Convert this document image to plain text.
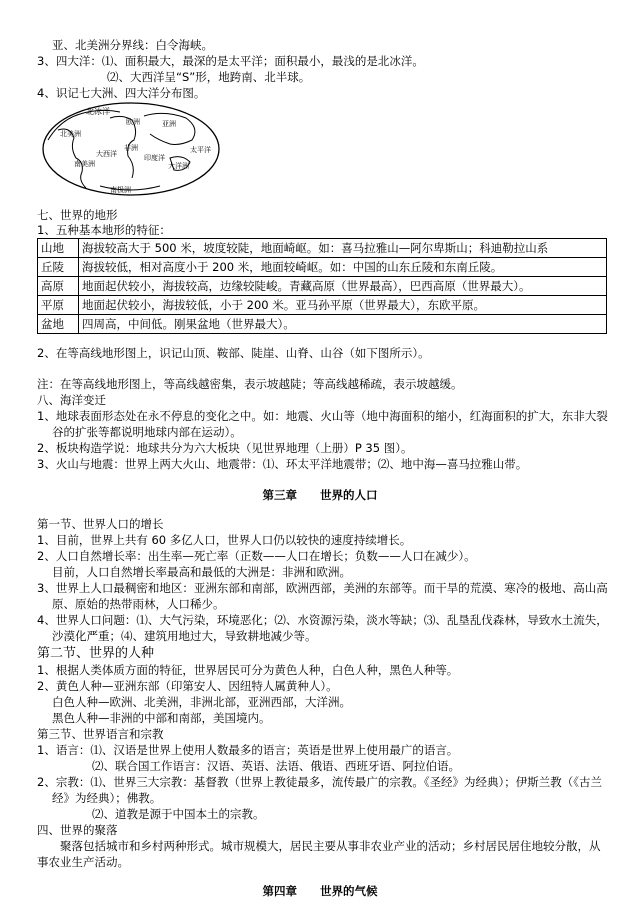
亚、北美洲分界线：白令海峡。
3、四大洋：⑴、面积最大，最深的是太平洋；面积最小，最浅的是北冰洋。
⑵、大西洋呈“S”形，地跨南、北半球。
4、识记七大洲、四大洋分布图。
北冰洋
亚洲
欧洲
北美洲
非洲	太平洋
大西洋	印度洋
大洋洲
南美洲
南极洲
七、世界的地形
1、五种基本地形的特征：
山地	海拔较高大于 500 米，坡度较陡，地面崎岖。如：喜马拉雅山—阿尔卑斯山；科迪勒拉山系
丘陵	海拔较低，相对高度小于 200 米，地面较崎岖。如：中国的山东丘陵和东南丘陵。
高原	地面起伏较小，海拔较高，边缘较陡峻。青藏高原（世界最高），巴西高原（世界最大）。
平原	地面起伏较小，海拔较低，小于 200 米。亚马孙平原（世界最大），东欧平原。
盆地	四周高，中间低。刚果盆地（世界最大）。
2、在等高线地形图上，识记山顶、鞍部、陡崖、山脊、山谷（如下图所示）。
注：在等高线地形图上，等高线越密集，表示坡越陡；等高线越稀疏，表示坡越缓。
八、海洋变迁
1、地球表面形态处在永不停息的变化之中。如：地震、火山等（地中海面积的缩小，红海面积的扩大，东非大裂
谷的扩张等都说明地球内部在运动）。
2、板块构造学说：地球共分为六大板块（见世界地理（上册）P 35 图）。
3、火山与地震：世界上两大火山、地震带：⑴、环太平洋地震带；⑵、地中海—喜马拉雅山带。
第三章　　世界的人口
第一节、世界人口的增长
1、目前，世界上共有 60 多亿人口，世界人口仍以较快的速度持续增长。
2、人口自然增长率：出生率—死亡率（正数——人口在增长；负数——人口在减少）。
目前，人口自然增长率最高和最低的大洲是：非洲和欧洲。
3、世界上人口最稠密和地区：亚洲东部和南部，欧洲西部，美洲的东部等。而干旱的荒漠、寒冷的极地、高山高
原、原始的热带雨林，人口稀少。
4、世界人口问题：⑴、大气污染，环境恶化；⑵、水资源污染，淡水等缺；⑶、乱垦乱伐森林，导致水土流失，
沙漠化严重；⑷、建筑用地过大，导致耕地减少等。
第二节、世界的人种
1、根据人类体质方面的特征，世界居民可分为黄色人种，白色人种，黑色人种等。
2、黄色人种—亚洲东部（印第安人、因纽特人属黄种人）。
白色人种—欧洲、北美洲，非洲北部，亚洲西部，大洋洲。
黑色人种—非洲的中部和南部，美国境内。
第三节、世界语言和宗教
1、语言：⑴、汉语是世界上使用人数最多的语言；英语是世界上使用最广的语言。
⑵、联合国工作语言：汉语、英语、法语、俄语、西班牙语、阿拉伯语。
2、宗教：⑴、世界三大宗教：基督教（世界上教徒最多，流传最广的宗教。《圣经》为经典）；伊斯兰教（《古兰
经》为经典）；佛教。
⑵、道教是源于中国本土的宗教。
四、世界的聚落
聚落包括城市和乡村两种形式。城市规模大，居民主要从事非农业产业的活动；乡村居民居住地较分散，从
事农业生产活动。
第四章　　世界的气候
